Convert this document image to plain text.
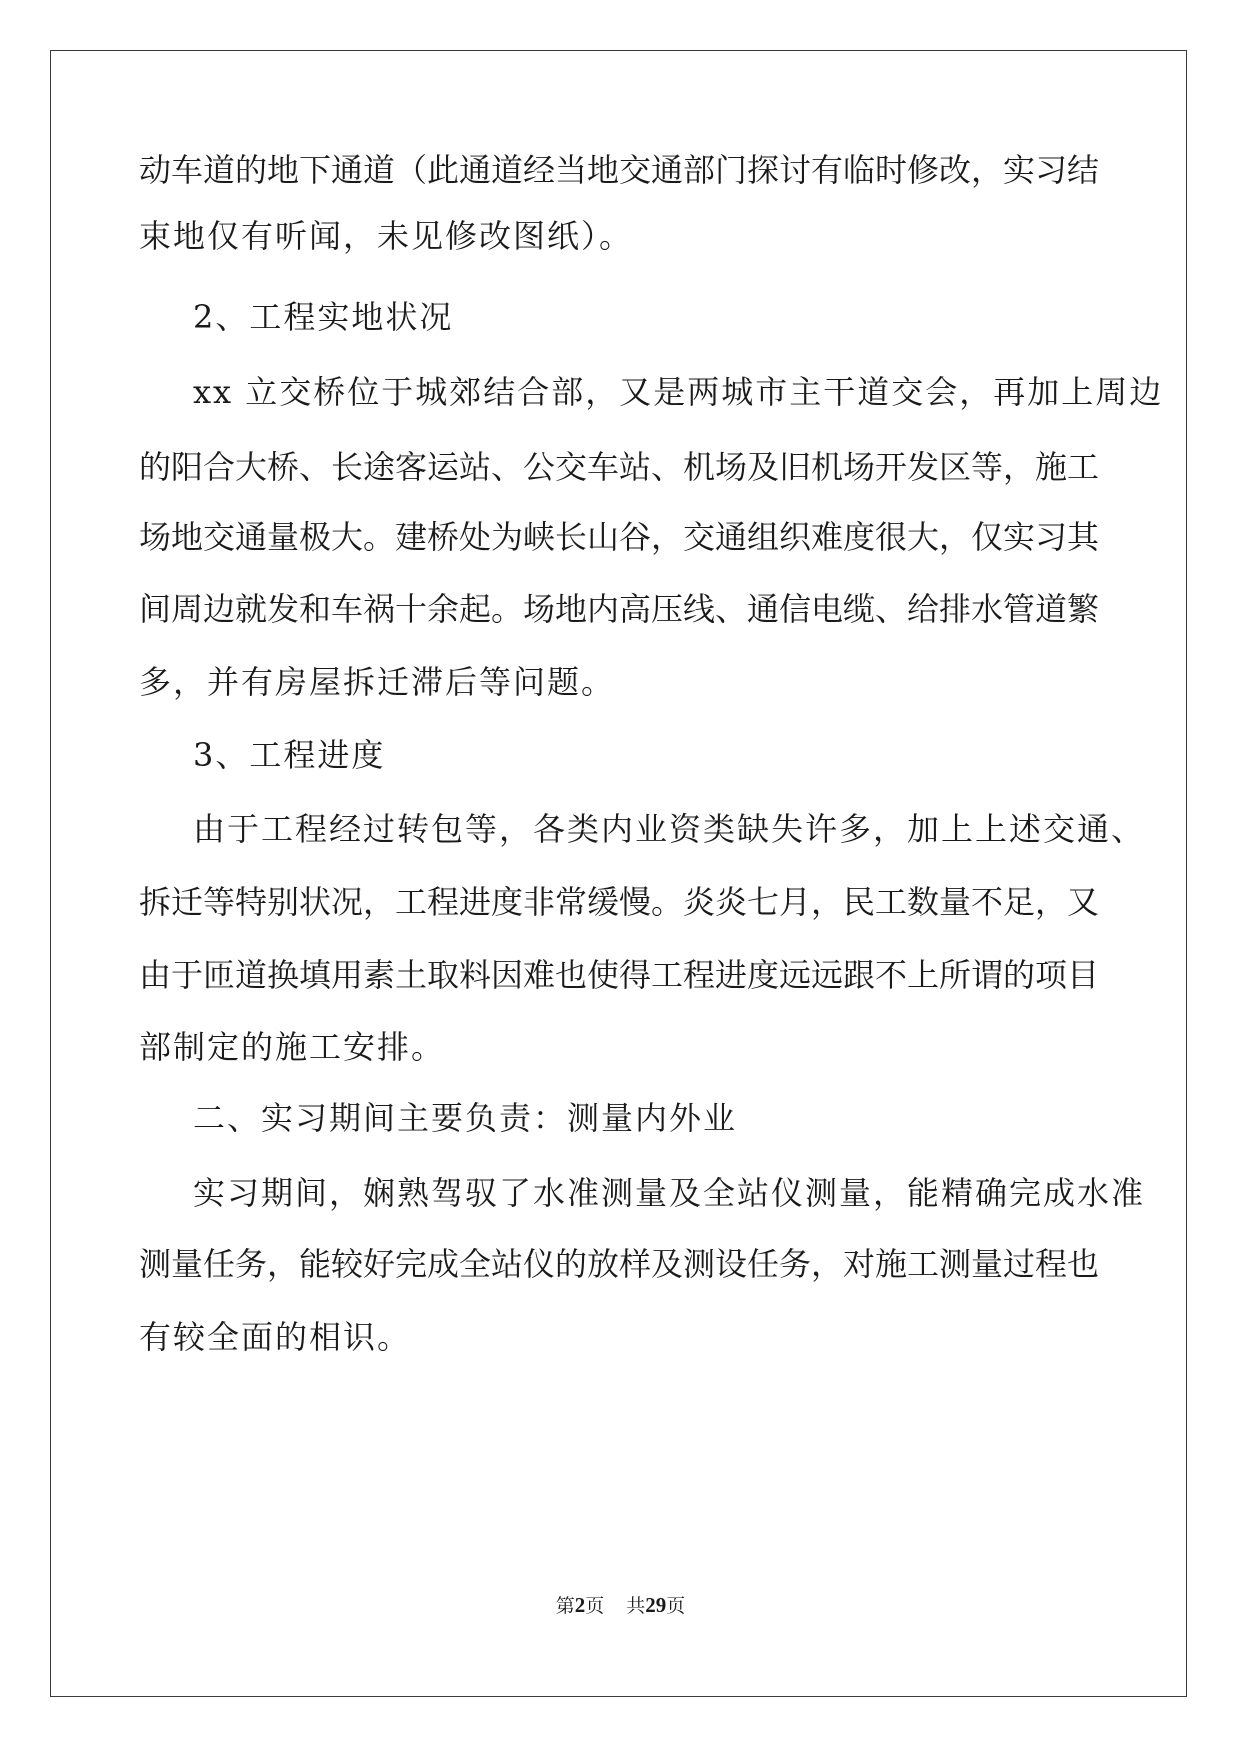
动车道的地下通道（此通道经当地交通部门探讨有临时修改，实习结

束地仅有听闻，未见修改图纸）。

2、工程实地状况

xx 立交桥位于城郊结合部，又是两城市主干道交会，再加上周边

的阳合大桥、长途客运站、公交车站、机场及旧机场开发区等，施工

场地交通量极大。建桥处为峡长山谷，交通组织难度很大，仅实习其

间周边就发和车祸十余起。场地内高压线、通信电缆、给排水管道繁

多，并有房屋拆迁滞后等问题。

3、工程进度

由于工程经过转包等，各类内业资类缺失许多，加上上述交通、

拆迁等特别状况，工程进度非常缓慢。炎炎七月，民工数量不足，又

由于匝道换填用素土取料因难也使得工程进度远远跟不上所谓的项目

部制定的施工安排。

二、实习期间主要负责：测量内外业

实习期间，娴熟驾驭了水准测量及全站仪测量，能精确完成水准

测量任务，能较好完成全站仪的放样及测设任务，对施工测量过程也

有较全面的相识。

第2页 共29页
